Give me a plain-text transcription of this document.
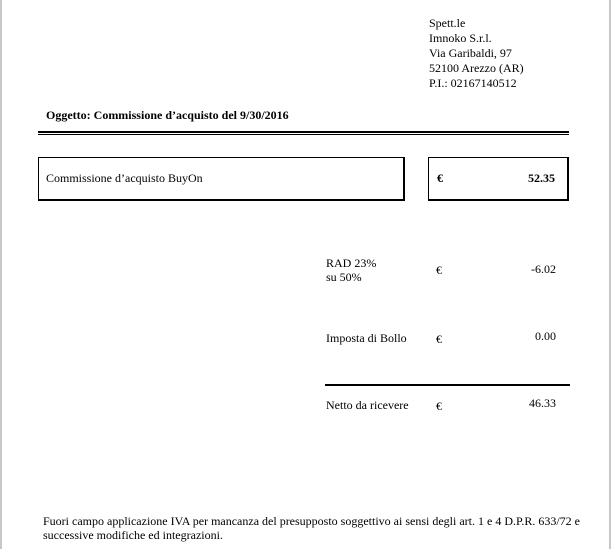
Spett.le
Imnoko S.r.l.
Via Garibaldi, 97
52100 Arezzo (AR)
P.I.: 02167140512
Oggetto: Commissione d’acquisto del 9/30/2016
Commissione d’acquisto BuyOn	€	52.35
RAD 23%
su 50%	€	-6.02
Imposta di Bollo €	0.00
Netto da ricevere €	46.33
Fuori campo applicazione IVA per mancanza del presupposto soggettivo ai sensi degli art. 1 e 4 D.P.R. 633/72 e successive modifiche ed integrazioni.
